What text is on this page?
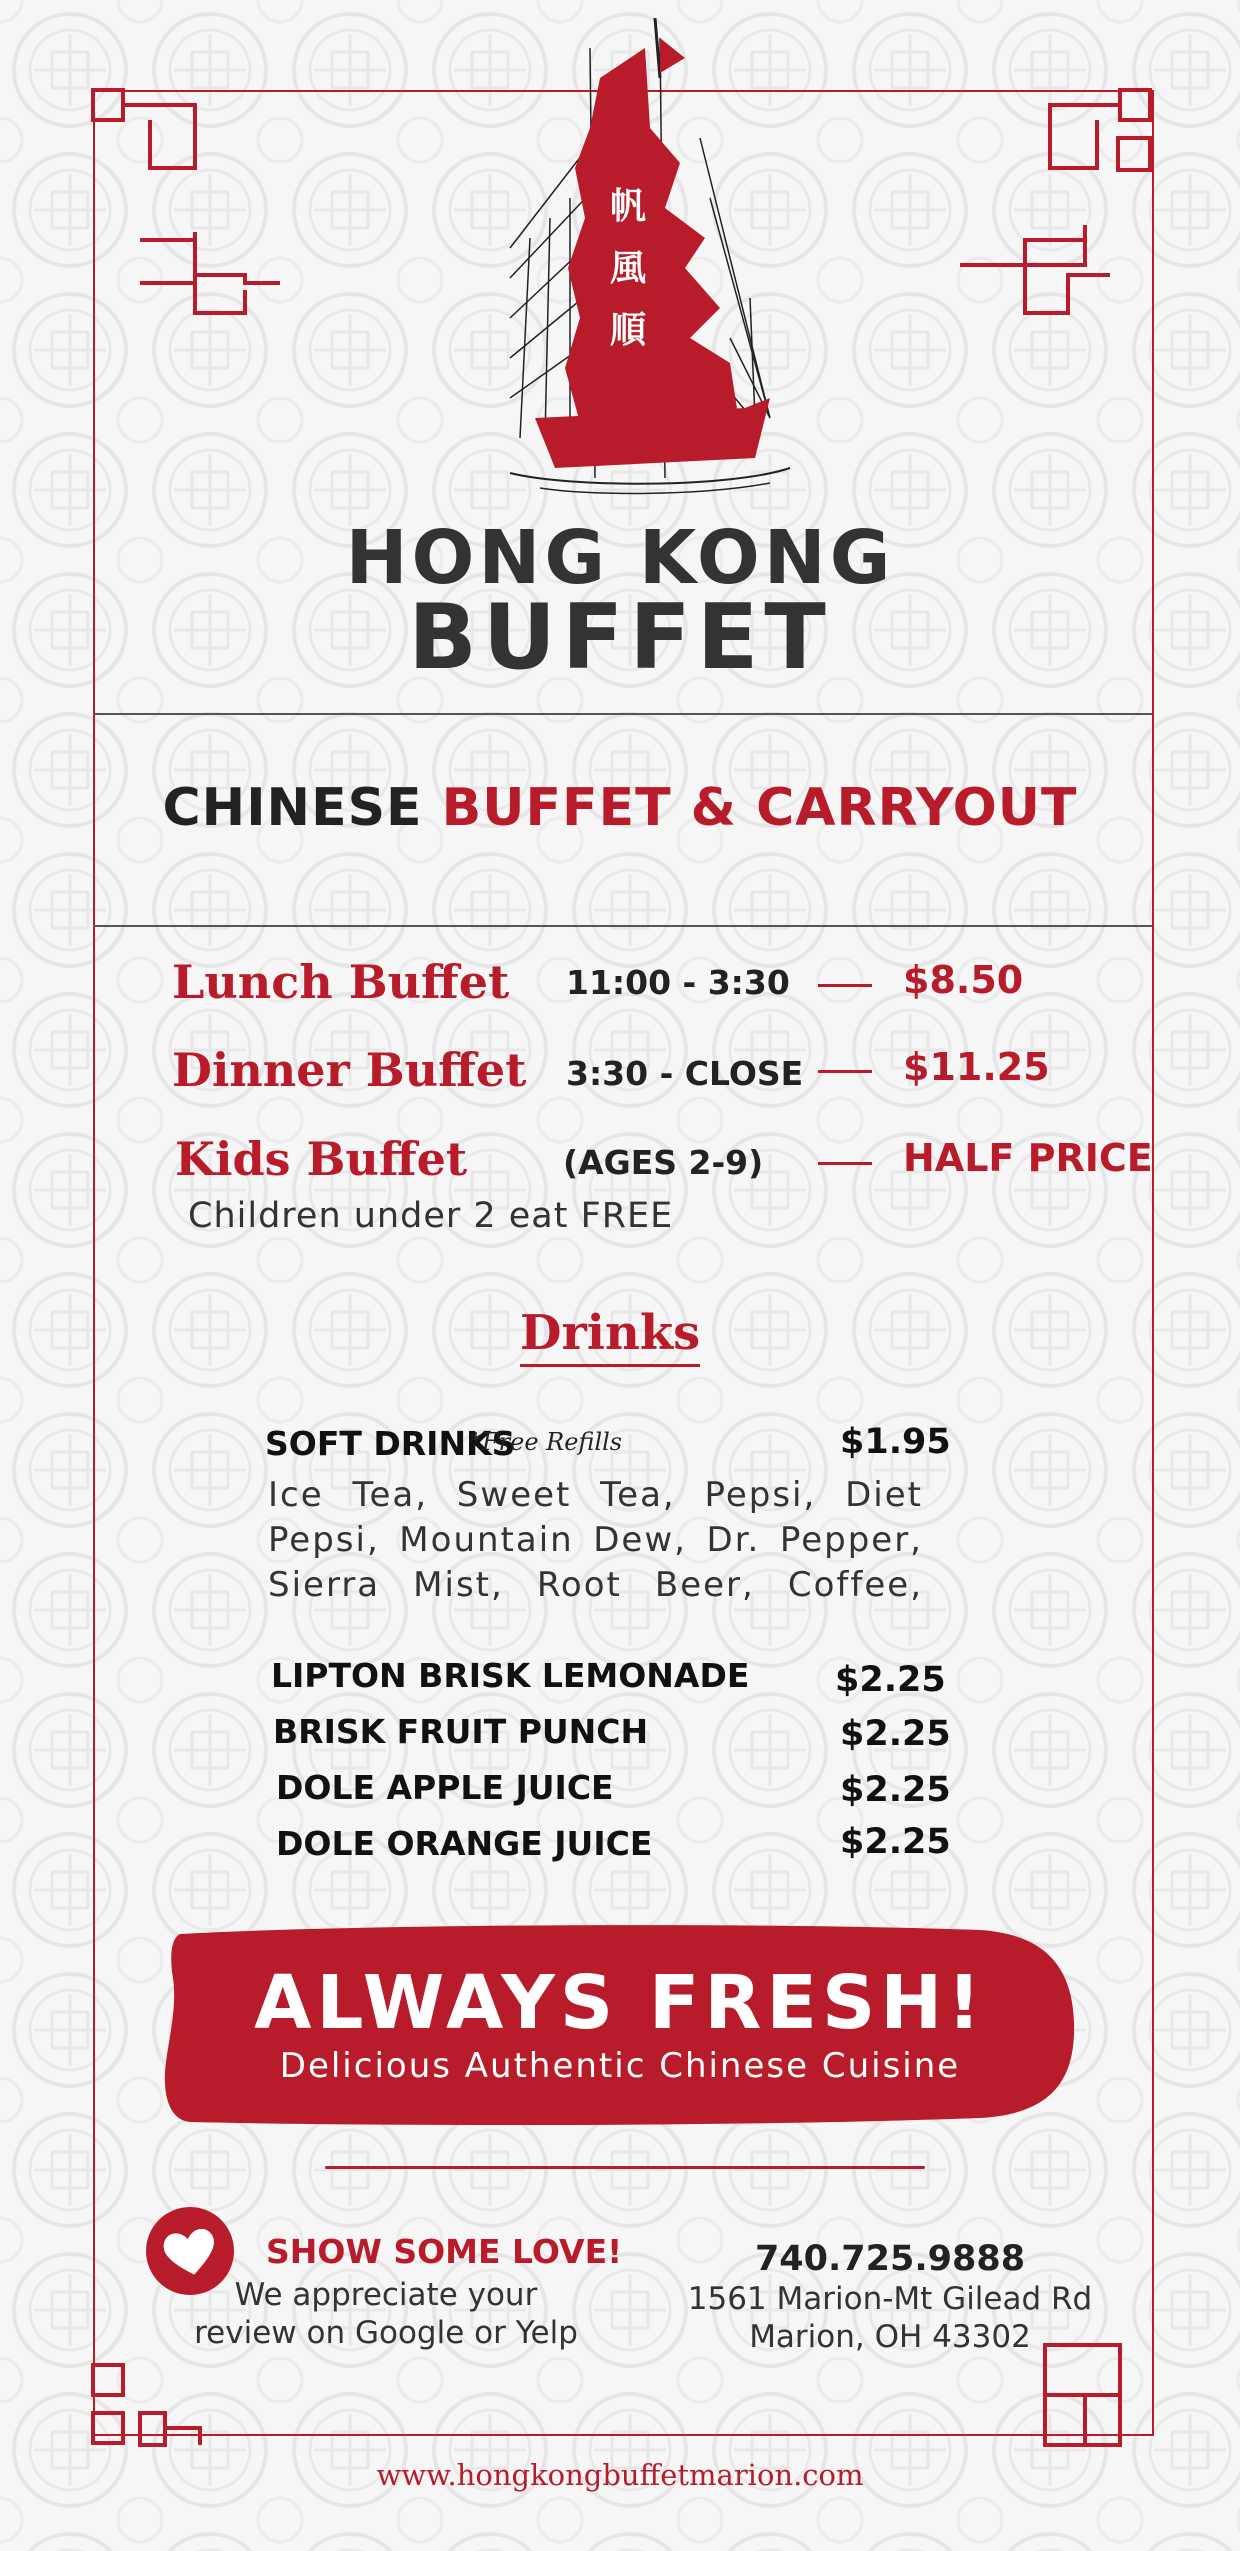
帆
風
順
HONG KONG
BUFFET
CHINESE BUFFET & CARRYOUT
Lunch Buffet 11:00 - 3:30	$8.50
Dinner Buffet 3:30 - CLOSE	$11.25
Kids Buffet	(AGES 2-9)	HALF PRICE
Children under 2 eat FREE
Drinks
SOFT DRINKS
*Free Refills	$1.95
Ice Tea, Sweet Tea, Pepsi, Diet
Pepsi, Mountain Dew, Dr. Pepper,
Sierra Mist, Root Beer, Coffee,
LIPTON BRISK LEMONADE $2.25
BRISK FRUIT PUNCH	$2.25
DOLE APPLE JUICE	$2.25
DOLE ORANGE JUICE	$2.25
ALWAYS FRESH!
Delicious Authentic Chinese Cuisine
SHOW SOME LOVE!
We appreciate your
review on Google or Yelp
740.725.9888
1561 Marion-Mt Gilead Rd
Marion, OH 43302
www.hongkongbuffetmarion.com
